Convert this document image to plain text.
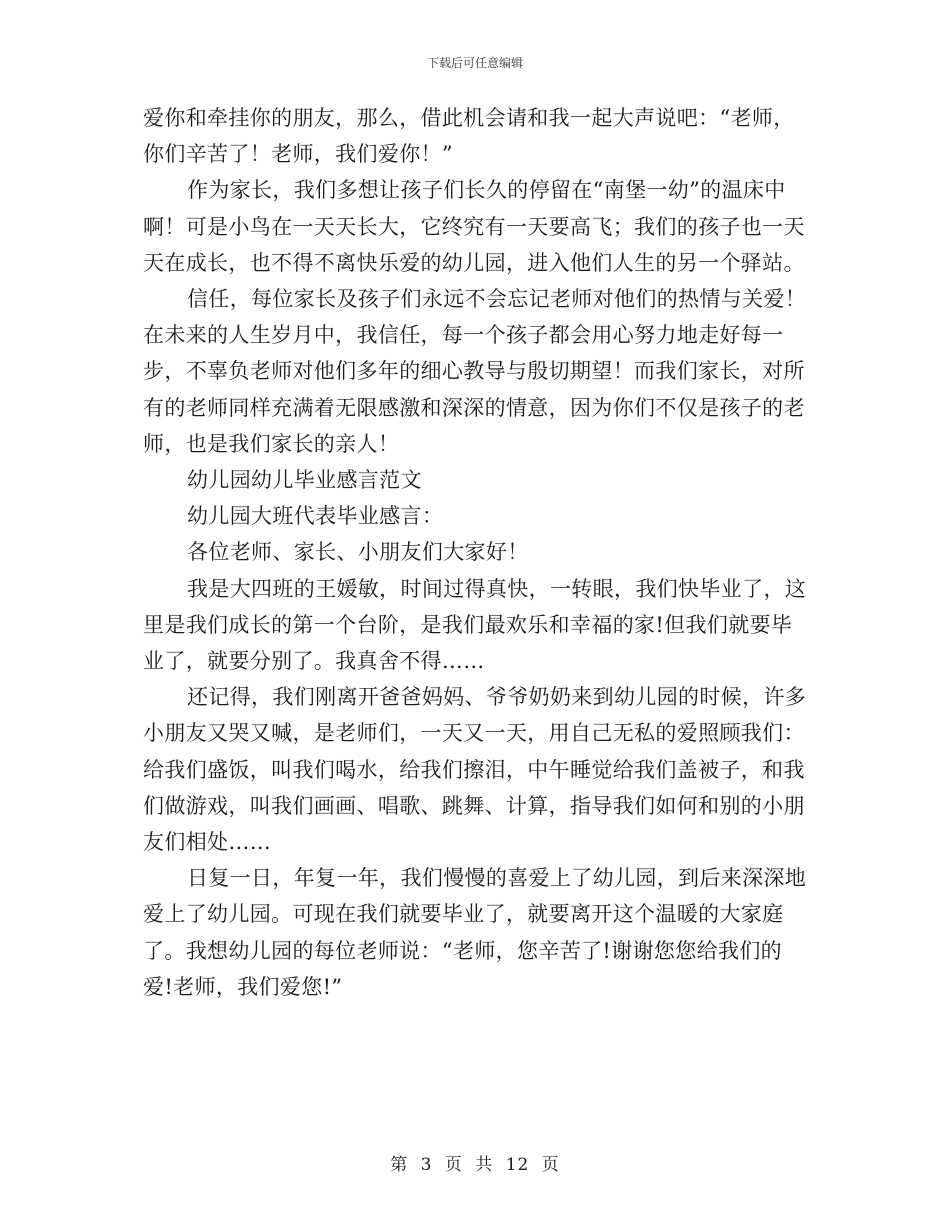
下载后可任意编辑

爱你和牵挂你的朋友，那么，借此机会请和我一起大声说吧：“老师，你们辛苦了！老师，我们爱你！”

作为家长，我们多想让孩子们长久的停留在“南堡一幼”的温床中啊！可是小鸟在一天天长大，它终究有一天要高飞；我们的孩子也一天天在成长，也不得不离快乐爱的幼儿园，进入他们人生的另一个驿站。

信任，每位家长及孩子们永远不会忘记老师对他们的热情与关爱！在未来的人生岁月中，我信任，每一个孩子都会用心努力地走好每一步，不辜负老师对他们多年的细心教导与殷切期望！而我们家长，对所有的老师同样充满着无限感激和深深的情意，因为你们不仅是孩子的老师，也是我们家长的亲人！

幼儿园幼儿毕业感言范文

幼儿园大班代表毕业感言：

各位老师、家长、小朋友们大家好！

我是大四班的王媛敏，时间过得真快，一转眼，我们快毕业了，这里是我们成长的第一个台阶，是我们最欢乐和幸福的家!但我们就要毕业了，就要分别了。我真舍不得……

还记得，我们刚离开爸爸妈妈、爷爷奶奶来到幼儿园的时候，许多小朋友又哭又喊，是老师们，一天又一天，用自己无私的爱照顾我们：给我们盛饭，叫我们喝水，给我们擦泪，中午睡觉给我们盖被子，和我们做游戏，叫我们画画、唱歌、跳舞、计算，指导我们如何和别的小朋友们相处……

日复一日，年复一年，我们慢慢的喜爱上了幼儿园，到后来深深地爱上了幼儿园。可现在我们就要毕业了，就要离开这个温暖的大家庭了。我想幼儿园的每位老师说：“老师，您辛苦了!谢谢您您给我们的爱!老师，我们爱您!”

第 3 页 共 12 页
